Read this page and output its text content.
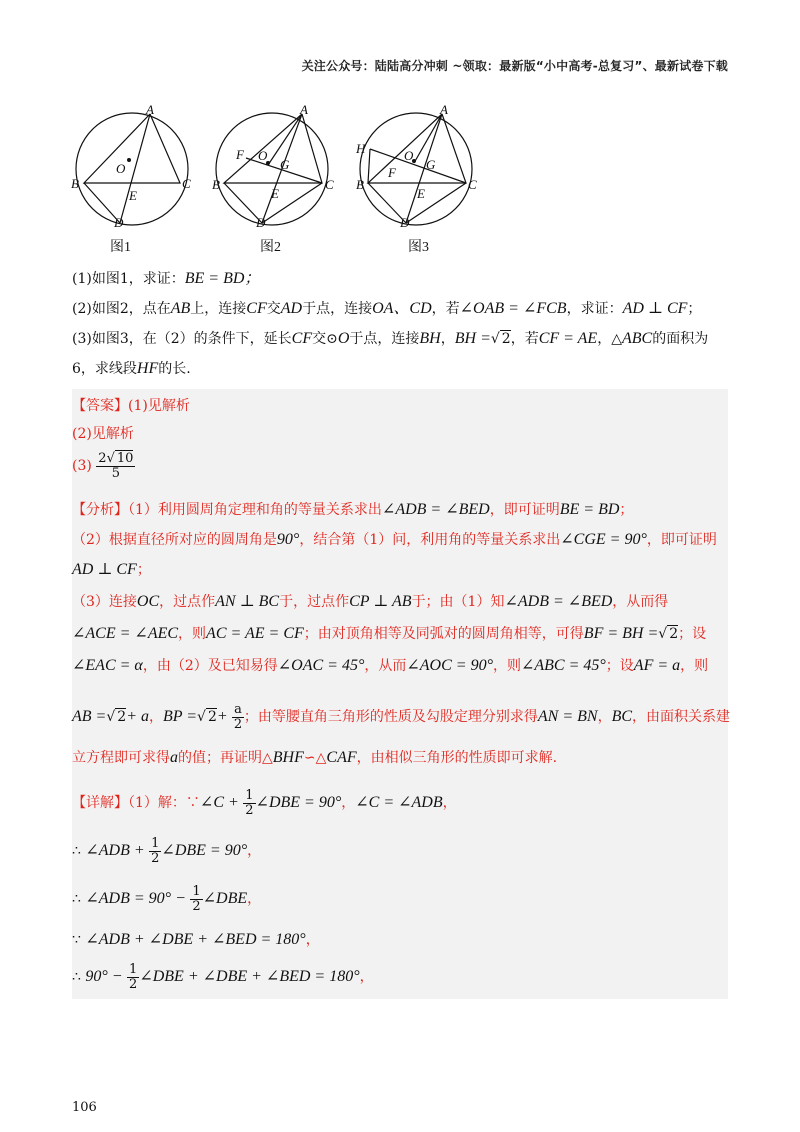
关注公众号：陆陆高分冲刺 ~领取：最新版“小中高考-总复习”、最新试卷下载
A
B	C
D
E
O
图1
A
B	C
D
E
O
F
G
图2
A
B	C
D
E
O
F
G
H
图3
(1)如图1，求证：BE = BD；
(2)如图2，点在AB上，连接CF交AD于点，连接OA、CD，若∠OAB = ∠FCB，求证：AD ⊥ CF；
(3)如图3，在（2）的条件下，延长CF交⊙O于点，连接BH，BH =√ 2，若CF = AE，△ABC的面积为
6，求线段HF的长.
【答案】(1)见解析
(2)见解析
$(3) \frac{2√ 10}{5}$
【分析】（1）利用圆周角定理和角的等量关系求出∠ADB = ∠BED，即可证明BE = BD；
（2）根据直径所对应的圆周角是90°，结合第（1）问，利用角的等量关系求出∠CGE = 90°，即可证明
AD ⊥ CF；
（3）连接OC，过点作AN ⊥ BC于，过点作CP ⊥ AB于；由（1）知∠ADB = ∠BED，从而得
∠ACE = ∠AEC，则AC = AE = CF；由对顶角相等及同弧对的圆周角相等，可得BF = BH =√ 2；设
∠EAC = α，由（2）及已知易得∠OAC = 45°，从而∠AOC = 90°，则∠ABC = 45°；设AF = a，则
AB =√ 2+ a，BP =√ $2+ \frac{a}{2}$ ；由等腰直角三角形的性质及勾股定理分别求得AN = BN，BC，由面积关系建
立方程即可求得a的值；再证明△BHF∽△CAF，由相似三角形的性质即可求解.
【详解】（1）解：∵∠C + $\frac{1}{2}$ ∠DBE = 90°，∠C = ∠ADB，
∴ ∠ADB + $\frac{1}{2}$ ∠DBE = 90°，
∴ ∠ADB = $90^\circ - \frac{1}{2}$ ∠DBE，
∵ ∠ADB + ∠DBE + ∠BED = 180°，
∴ $90^\circ - \frac{1}{2}$ ∠DBE + ∠DBE + ∠BED = 180°，
106
